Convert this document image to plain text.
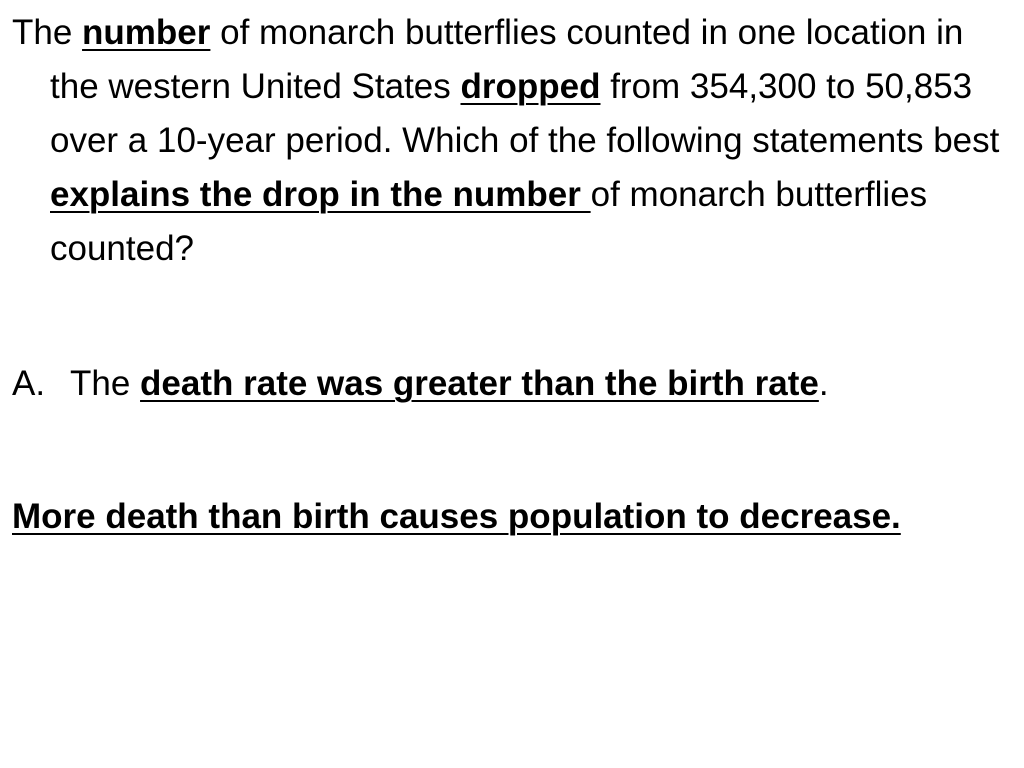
The number of monarch butterflies counted in one location in the western United States dropped from 354,300 to 50,853 over a 10-year period. Which of the following statements best explains the drop in the number of monarch butterflies counted?

A. The death rate was greater than the birth rate.

More death than birth causes population to decrease.
